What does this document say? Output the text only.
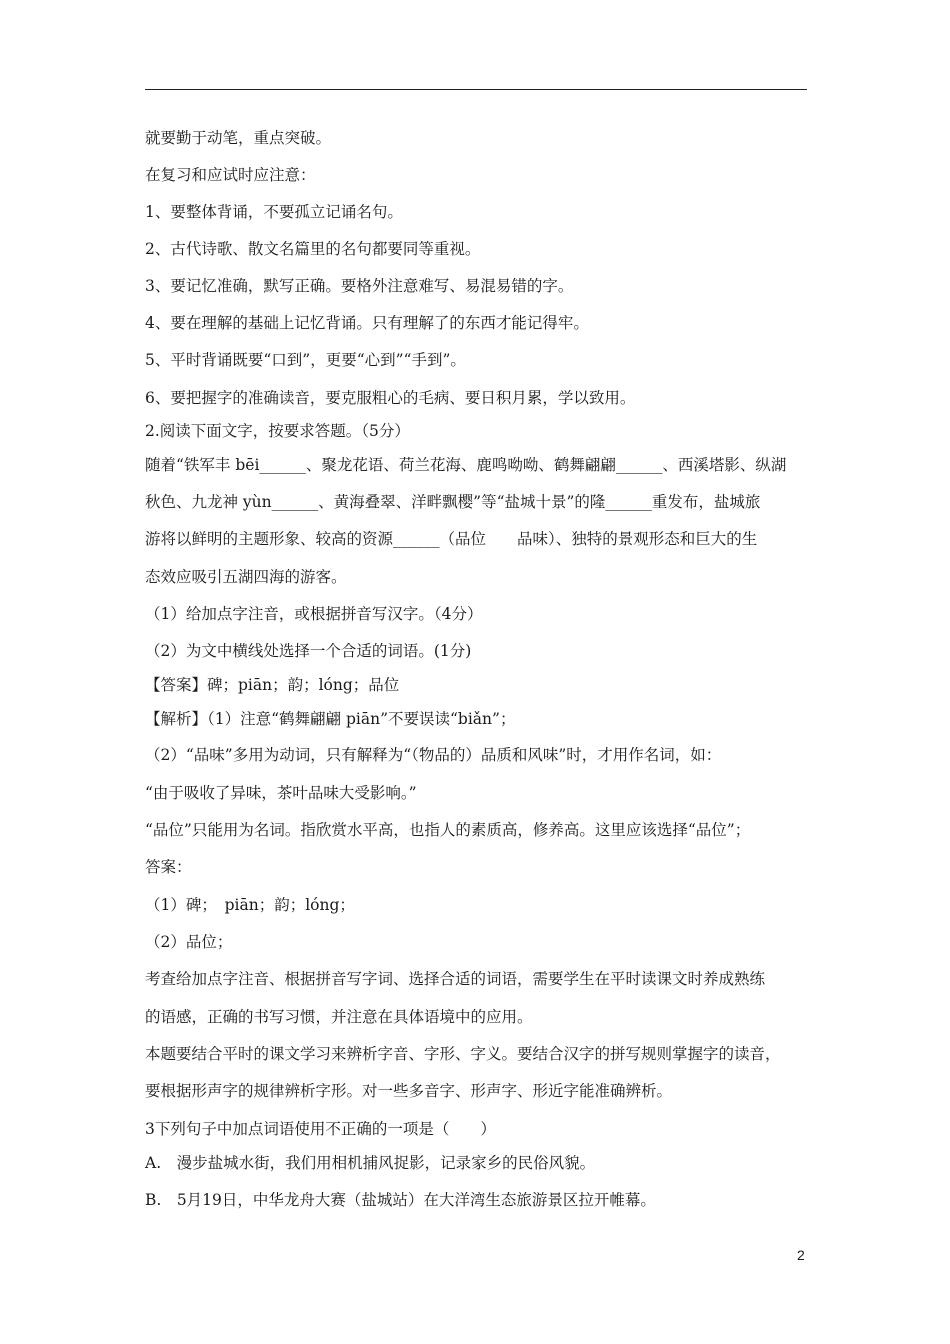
就要勤于动笔，重点突破。
在复习和应试时应注意：
1、要整体背诵，不要孤立记诵名句。
2、古代诗歌、散文名篇里的名句都要同等重视。
3、要记忆准确，默写正确。要格外注意难写、易混易错的字。
4、要在理解的基础上记忆背诵。只有理解了的东西才能记得牢。
5、平时背诵既要“口到”，更要“心到”“手到”。
6、要把握字的准确读音，要克服粗心的毛病、要日积月累，学以致用。
2.阅读下面文字，按要求答题。（5分）
随着“铁军丰 bēi______、聚龙花语、荷兰花海、鹿鸣呦呦、鹤舞翩翩______、西溪塔影、纵湖
秋色、九龙神 yùn______、黄海叠翠、洋畔飘樱”等“盐城十景”的隆______重发布，盐城旅
游将以鲜明的主题形象、较高的资源______（品位　　品味）、独特的景观形态和巨大的生
态效应吸引五湖四海的游客。
（1）给加点字注音，或根据拼音写汉字。（4分）
（2）为文中横线处选择一个合适的词语。(1分)
【答案】碑；piān；韵；lóng；品位
【解析】（1）注意“鹤舞翩翩 piān”不要误读“biǎn”；
（2）“品味”多用为动词，只有解释为“（物品的）品质和风味”时，才用作名词，如：
“由于吸收了异味，茶叶品味大受影响。”
“品位”只能用为名词。指欣赏水平高，也指人的素质高，修养高。这里应该选择“品位”；
答案：
（1）碑；　piān；韵；lóng；
（2）品位；
考查给加点字注音、根据拼音写字词、选择合适的词语，需要学生在平时读课文时养成熟练
的语感，正确的书写习惯，并注意在具体语境中的应用。
本题要结合平时的课文学习来辨析字音、字形、字义。要结合汉字的拼写规则掌握字的读音，
要根据形声字的规律辨析字形。对一些多音字、形声字、形近字能准确辨析。
3下列句子中加点词语使用不正确的一项是（　　）
A.　漫步盐城水街，我们用相机捕风捉影，记录家乡的民俗风貌。
B.　5月19日，中华龙舟大赛（盐城站）在大洋湾生态旅游景区拉开帷幕。
2
